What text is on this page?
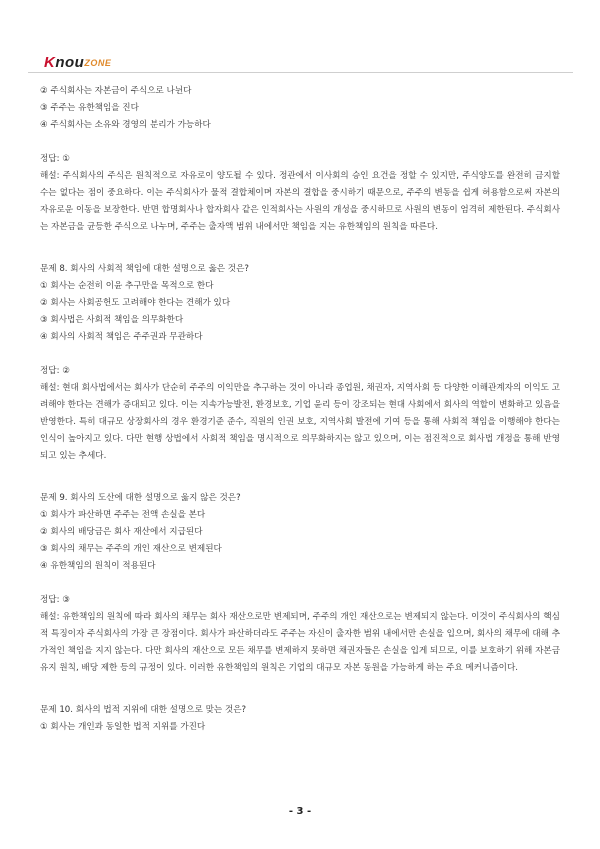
KnouZONE
② 주식회사는 자본금이 주식으로 나뉜다
③ 주주는 유한책임을 진다
④ 주식회사는 소유와 경영의 분리가 가능하다
정답: ①
해설: 주식회사의 주식은 원칙적으로 자유로이 양도될 수 있다. 정관에서 이사회의 승인 요건을 정할 수 있지만, 주식양도를 완전히 금지할 수는 없다는 점이 중요하다. 이는 주식회사가 물적 결합체이며 자본의 결합을 중시하기 때문으로, 주주의 변동을 쉽게 허용함으로써 자본의 자유로운 이동을 보장한다. 반면 합명회사나 합자회사 같은 인적회사는 사원의 개성을 중시하므로 사원의 변동이 엄격히 제한된다. 주식회사는 자본금을 균등한 주식으로 나누며, 주주는 출자액 범위 내에서만 책임을 지는 유한책임의 원칙을 따른다.
문제 8. 회사의 사회적 책임에 대한 설명으로 옳은 것은?
① 회사는 순전히 이윤 추구만을 목적으로 한다
② 회사는 사회공헌도 고려해야 한다는 견해가 있다
③ 회사법은 사회적 책임을 의무화한다
④ 회사의 사회적 책임은 주주권과 무관하다
정답: ②
해설: 현대 회사법에서는 회사가 단순히 주주의 이익만을 추구하는 것이 아니라 종업원, 채권자, 지역사회 등 다양한 이해관계자의 이익도 고려해야 한다는 견해가 증대되고 있다. 이는 지속가능발전, 환경보호, 기업 윤리 등이 강조되는 현대 사회에서 회사의 역할이 변화하고 있음을 반영한다. 특히 대규모 상장회사의 경우 환경기준 준수, 직원의 인권 보호, 지역사회 발전에 기여 등을 통해 사회적 책임을 이행해야 한다는 인식이 높아지고 있다. 다만 현행 상법에서 사회적 책임을 명시적으로 의무화하지는 않고 있으며, 이는 점진적으로 회사법 개정을 통해 반영되고 있는 추세다.
문제 9. 회사의 도산에 대한 설명으로 옳지 않은 것은?
① 회사가 파산하면 주주는 전액 손실을 본다
② 회사의 배당금은 회사 재산에서 지급된다
③ 회사의 채무는 주주의 개인 재산으로 변제된다
④ 유한책임의 원칙이 적용된다
정답: ③
해설: 유한책임의 원칙에 따라 회사의 채무는 회사 재산으로만 변제되며, 주주의 개인 재산으로는 변제되지 않는다. 이것이 주식회사의 핵심적 특징이자 주식회사의 가장 큰 장점이다. 회사가 파산하더라도 주주는 자신이 출자한 범위 내에서만 손실을 입으며, 회사의 채무에 대해 추가적인 책임을 지지 않는다. 다만 회사의 재산으로 모든 채무를 변제하지 못하면 채권자들은 손실을 입게 되므로, 이를 보호하기 위해 자본금 유지 원칙, 배당 제한 등의 규정이 있다. 이러한 유한책임의 원칙은 기업의 대규모 자본 동원을 가능하게 하는 주요 메커니즘이다.
문제 10. 회사의 법적 지위에 대한 설명으로 맞는 것은?
① 회사는 개인과 동일한 법적 지위를 가진다
- 3 -
